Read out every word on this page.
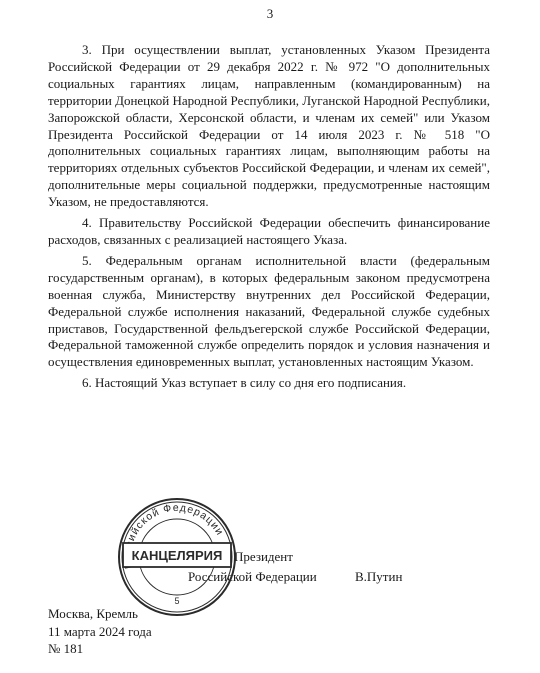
3

3. При осуществлении выплат, установленных Указом Президента Российской Федерации от 29 декабря 2022 г. № 972 "О дополнительных социальных гарантиях лицам, направленным (командированным) на территории Донецкой Народной Республики, Луганской Народной Республики, Запорожской области, Херсонской области, и членам их семей" или Указом Президента Российской Федерации от 14 июля 2023 г. № 518 "О дополнительных социальных гарантиях лицам, выполняющим работы на территориях отдельных субъектов Российской Федерации, и членам их семей", дополнительные меры социальной поддержки, предусмотренные настоящим Указом, не предоставляются.

4. Правительству Российской Федерации обеспечить финансирование расходов, связанных с реализацией настоящего Указа.

5. Федеральным органам исполнительной власти (федеральным государственным органам), в которых федеральным законом предусмотрена военная служба, Министерству внутренних дел Российской Федерации, Федеральной службе исполнения наказаний, Федеральной службе судебных приставов, Государственной фельдъегерской службе Российской Федерации, Федеральной таможенной службе определить порядок и условия назначения и осуществления единовременных выплат, установленных настоящим Указом.

6. Настоящий Указ вступает в силу со дня его подписания.

Президент
Российской Федерации	В.Путин
Российской Федерации
КАНЦЕЛЯРИЯ
5
Москва, Кремль
11 марта 2024 года
№ 181
